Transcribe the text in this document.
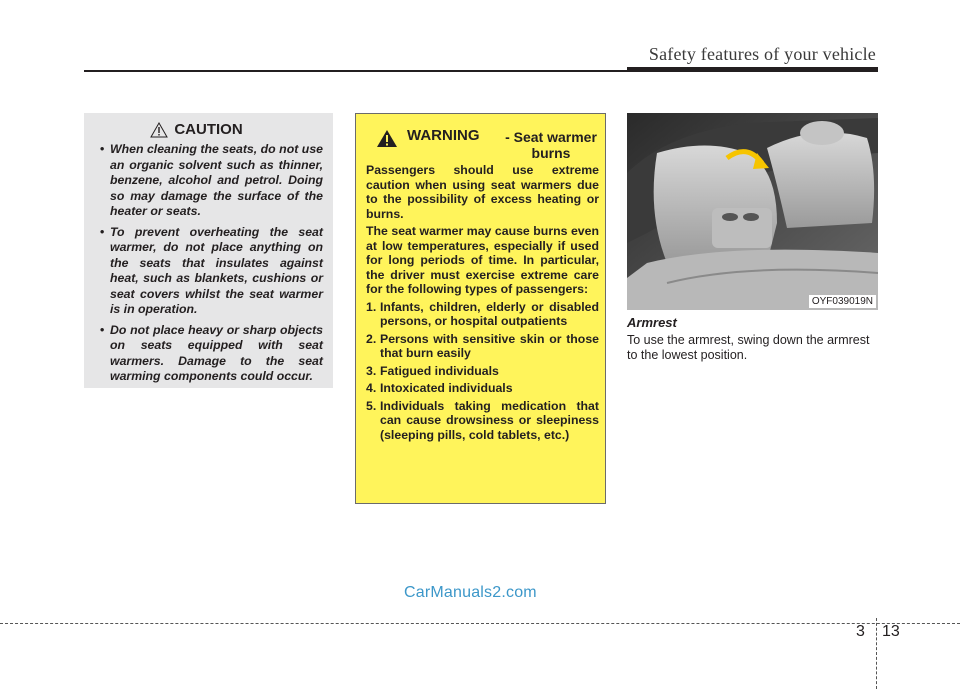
Safety features of your vehicle
CAUTION
• When cleaning the seats, do not use an organic solvent such as thinner, benzene, alcohol and petrol. Doing so may damage the surface of the heater or seats.
• To prevent overheating the seat warmer, do not place anything on the seats that insulates against heat, such as blankets, cushions or seat covers whilst the seat warmer is in operation.
• Do not place heavy or sharp objects on seats equipped with seat warmers. Damage to the seat warming components could occur.
WARNING	- Seat warmer burns

Passengers should use extreme caution when using seat warmers due to the possibility of excess heating or burns.

The seat warmer may cause burns even at low temperatures, especially if used for long periods of time. In particular, the driver must exercise extreme care for the following types of passengers:

1. Infants, children, elderly or disabled persons, or hospital outpatients
2. Persons with sensitive skin or those that burn easily
3. Fatigued individuals
4. Intoxicated individuals
5. Individuals taking medication that can cause drowsiness or sleepiness (sleeping pills, cold tablets, etc.)
OYF039019N
Armrest
To use the armrest, swing down the armrest to the lowest position.
CarManuals2.com
3 13
